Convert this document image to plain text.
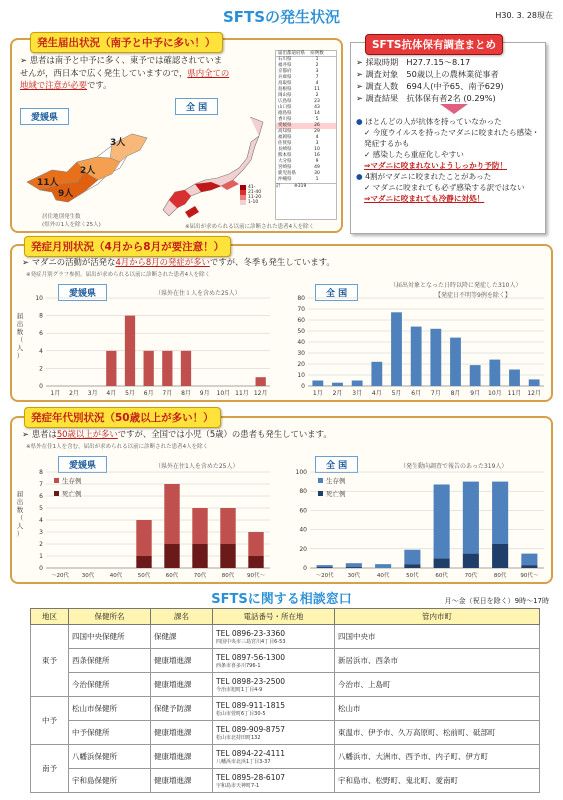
SFTSの発生状況	H30. 3. 28現在
発生届出状況（南予と中予に多い！）
➢ 患者は南予と中予に多く、東予では確認されていませんが，西日本で広く発生していますので，県内全ての地域で注意が必要です。
愛媛県
3人
2人
11人
9人
居住地別発生数
(県外の1人を除く25人)
全 国
41-
21-40
11-20
1-10
※届出が求められる以前に診断された患者4人を除く
届出都道府県	症例数
石川県	1
福井県	2
京都府	3
兵庫県	7
鳥取県	4
島根県	11
岡山県	2
広島県	23
山口県	43
徳島県	14
香川県	5
愛媛県	26
高知県	29
福岡県	4
佐賀県	3
長崎県	10
熊本県	16
大分県	9
宮崎県	49
鹿児島県	30
沖縄県	1
計　　　※319
SFTS抗体保有調査まとめ
➢ 採取時期　H27.7.15〜8.17
➢ 調査対象　50歳以上の農林業従事者
➢ 調査人数　694人(中予65、南予629)
➢ 調査結果　抗体保有者2名 (0.29%)
● ほとんどの人が抗体を持っていなかった
✓ 今度ウイルスを持ったマダニに咬まれたら感染・発症するかも
✓ 感染したら重症化しやすい
⇒マダニに咬まれないようしっかり予防！
● 4割がマダニに咬まれたことがあった
✓ マダニに咬まれても必ず感染する訳ではない
⇒マダニに咬まれても冷静に対処！
発症月別状況（4月から8月が要注意！）
➢ マダニの活動が活発な4月から8月の発症が多いですが、冬季も発生しています。
※発症月別グラフ参照。届出が求められる以前に診断された患者4人を除く
愛媛県	（県外在住１人を含めた25人）	全 国
（届出対象となった日時以降に発症した310人）
【発症日不明等9例を除く】
0
2
4
6
8
10
1月 2月 3月 4月 5月 6月 7月 8月 9月 10月 11月 12月
届
出
数
（
人
）
0
10
20
30
40
50
60
70
80
1月 2月 3月 4月 5月 6月 7月 8月 9月 10月 11月 12月
発症年代別状況（50歳以上が多い！）
➢ 患者は50歳以上が多いですが、全国では小児（5歳）の患者も発生しています。
※県外在住1人を含む，届出が求められる以前に診断された患者4人を除く
愛媛県	（県外在住1人を含めた25人）	全 国	（発生動向調査で報告のあった319人）
0
1
2
3
4
5
6
7
8
〜20代 30代	40代	50代	60代	70代	80代 90代〜
届
出
数
（
人
）
生存例
死亡例
0
20
40
60
80
100
〜20代	30代	40代	50代	60代	70代	80代	90代〜
生存例
死亡例
SFTSに関する相談窓口	月〜金（祝日を除く）9時〜17時
地区	保健所名	課名	電話番号・所在地	管内市町
東予	四国中央保健所	保健課	TEL 0896-23-3360
四国中央市三島宮川4丁目6-53	四国中央市
	西条保健所	健康増進課	TEL 0897-56-1300
西条市喜多川796-1	新居浜市、西条市
	今治保健所	健康増進課	TEL 0898-23-2500
今治市旭町1丁目4-9	今治市、上島町
中予	松山市保健所	保健予防課	TEL 089-911-1815
松山市萱町6丁目30-5	松山市
	中予保健所	健康増進課	TEL 089-909-8757
松山市北持田町132	東温市、伊予市、久万高原町、松前町、砥部町
南予	八幡浜保健所	健康増進課	TEL 0894-22-4111
八幡浜市北浜1丁目3-37	八幡浜市、大洲市、西予市、内子町、伊方町
	宇和島保健所	健康増進課	TEL 0895-28-6107
宇和島市天神町7-1	宇和島市、松野町、鬼北町、愛南町
